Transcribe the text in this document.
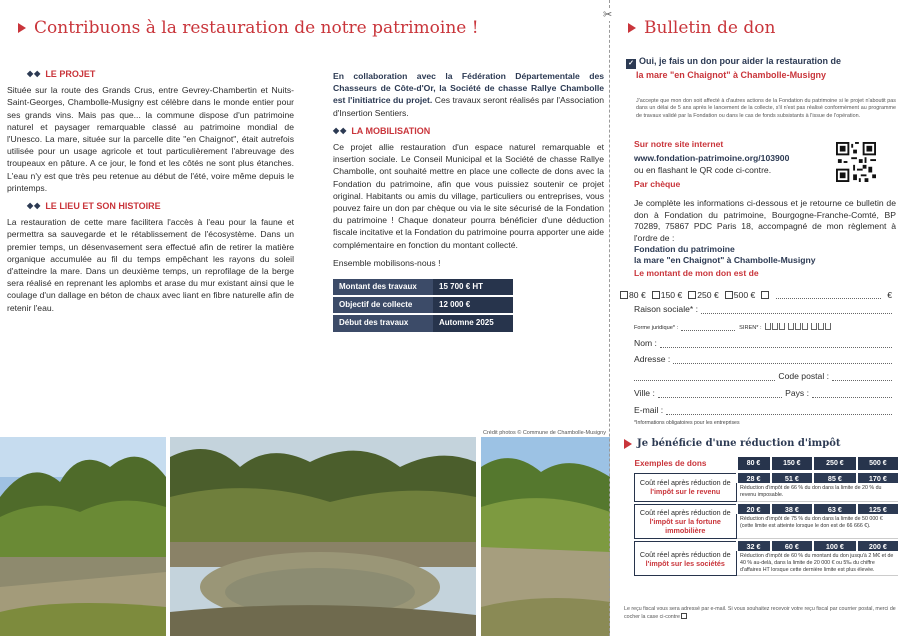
Contribuons à la restauration de notre patrimoine !
◆◆ LE PROJET

Située sur la route des Grands Crus, entre Gevrey-Chambertin et Nuits-Saint-Georges, Chambolle-Musigny est célèbre dans le monde entier pour ses grands vins. Mais pas que... la commune dispose d'un patrimoine naturel et paysager remarquable classé au patrimoine mondial de l'Unesco. La mare, située sur la parcelle dite "en Chaignot", était autrefois utilisée pour un usage agricole et tout particulièrement l'abreuvage des troupeaux en pâture. A ce jour, le fond et les côtés ne sont plus étanches. L'eau n'y est que très peu retenue au début de l'été, voire même depuis le printemps.

◆◆ LE LIEU ET SON HISTOIRE

La restauration de cette mare facilitera l'accès à l'eau pour la faune et permettra sa sauvegarde et le rétablissement de l'écosystème. Dans un premier temps, un désenvasement sera effectué afin de retirer la matière organique accumulée au fil du temps empêchant les rayons du soleil d'atteindre la mare. Dans un deuxième temps, un reprofilage de la berge sera réalisé en reprenant les aplombs et arase du mur existant ainsi que le coulage d'un dallage en béton de chaux avec liant en fibre naturelle afin de retenir l'eau.

En collaboration avec la Fédération Départementale des Chasseurs de Côte-d'Or, la Société de chasse Rallye Chambolle est l'initiatrice du projet. Ces travaux seront réalisés par l'Association d'Insertion Sentiers.

◆◆ LA MOBILISATION

Ce projet allie restauration d'un espace naturel remarquable et insertion sociale. Le Conseil Municipal et la Société de chasse Rallye Chambolle, ont souhaité mettre en place une collecte de dons avec la Fondation du patrimoine, afin que vous puissiez soutenir ce projet original. Habitants ou amis du village, particuliers ou entreprises, vous pouvez faire un don par chèque ou via le site sécurisé de la Fondation du patrimoine ! Chaque donateur pourra bénéficier d'une déduction fiscale incitative et la Fondation du patrimoine pourra apporter une aide complémentaire en fonction du montant collecté.

Ensemble mobilisons-nous !

Montant des travaux	15 700 € HT
Objectif de collecte	12 000 €
Début des travaux	Automne 2025
Crédit photos © Commune de Chambolle-Musigny
✂
Bulletin de don
✓ Oui, je fais un don pour aider la restauration de
la mare "en Chaignot" à Chambolle-Musigny
J'accepte que mon don soit affecté à d'autres actions de la Fondation du patrimoine si le projet n'aboutit pas dans un délai de 5 ans après le lancement de la collecte, s'il n'est pas réalisé conformément au programme de travaux validé par la Fondation ou dans le cas de fonds subsistants à l'issue de l'opération.
Sur notre site internet
www.fondation-patrimoine.org/103900
ou en flashant le QR code ci-contre.
Par chèque
Je complète les informations ci-dessous et je retourne ce bulletin de don à Fondation du patrimoine, Bourgogne-Franche-Comté, BP 70289, 75867 PDC Paris 18, accompagné de mon règlement à l'ordre de :
Fondation du patrimoine
la mare "en Chaignot" à Chambolle-Musigny
Le montant de mon don est de
80 €	150 €	250 €	500 €	€
Raison sociale* :
Forme juridique* :	SIREN* :

Nom :
Adresse :
Code postal :
Ville :	Pays :
E-mail :
*Informations obligatoires pour les entreprises
Je bénéficie d'une réduction d'impôt
Exemples de dons	80 €	150 €	250 €	500 €

Coût réel après réduction de l'impôt sur le revenu	28 €	51 €	85 €	170 €
	Réduction d'impôt de 66 % du don dans la limite de 20 % du revenu imposable.			

Coût réel après réduction de l'impôt sur la fortune immobilière	20 €	38 €	63 €	125 €
	Réduction d'impôt de 75 % du don dans la limite de 50 000 € (cette limite est atteinte lorsque le don est de 66 666 €).			

Coût réel après réduction de l'impôt sur les sociétés	32 €	60 €	100 €	200 €
	Réduction d'impôt de 60 % du montant du don jusqu'à 2 M€ et de 40 % au-delà, dans la limite de 20 000 € ou 5‰ du chiffre d'affaires HT lorsque cette dernière limite est plus élevée.			
Le reçu fiscal vous sera adressé par e-mail. Si vous souhaitez recevoir votre reçu fiscal par courrier postal, merci de cocher la case ci-contre
